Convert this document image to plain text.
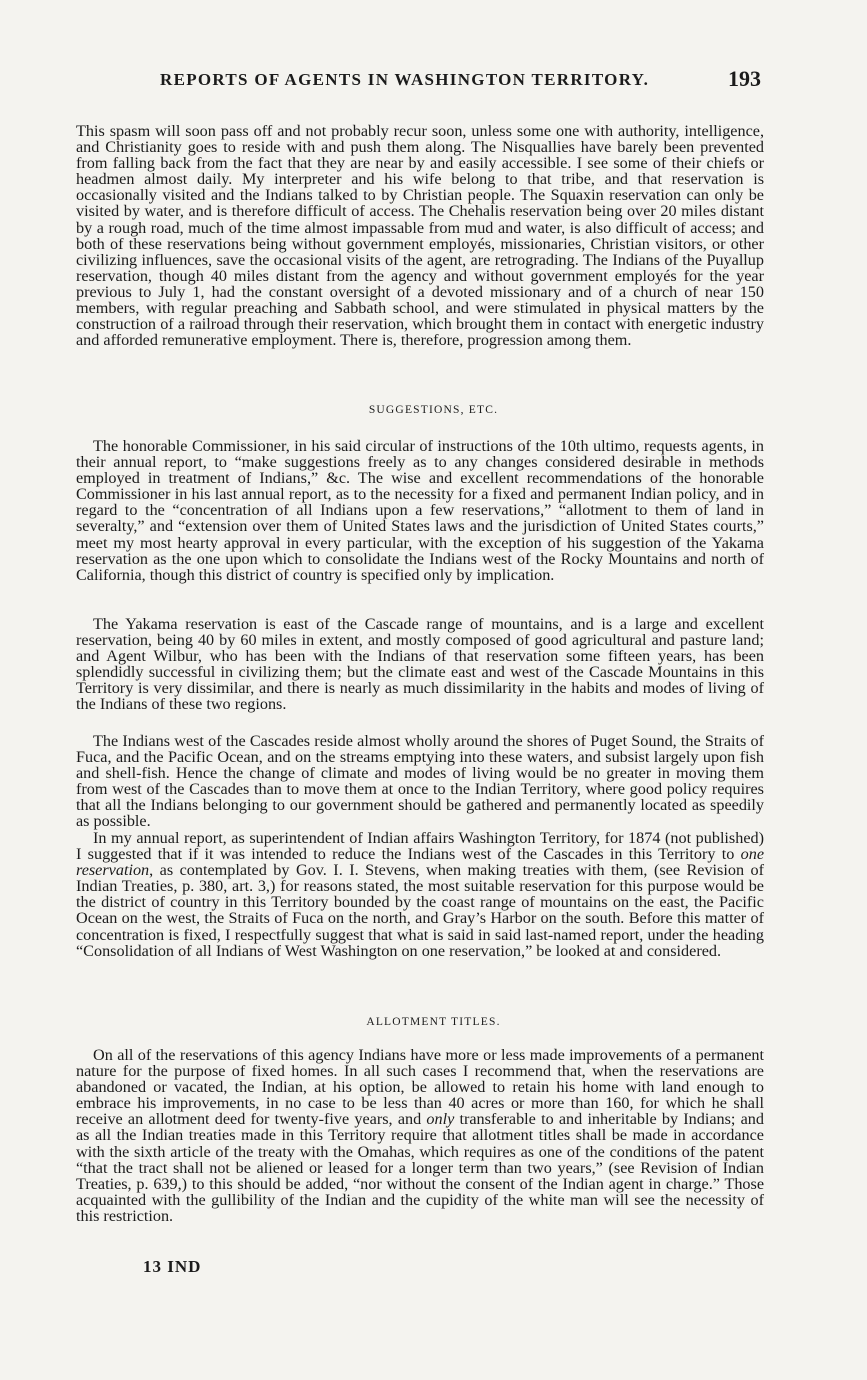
REPORTS OF AGENTS IN WASHINGTON TERRITORY.	193

This spasm will soon pass off and not probably recur soon, unless some one with authority, intelligence, and Christianity goes to reside with and push them along. The Nisquallies have barely been prevented from falling back from the fact that they are near by and easily accessible. I see some of their chiefs or headmen almost daily. My interpreter and his wife belong to that tribe, and that reservation is occasionally visited and the Indians talked to by Christian people. The Squaxin reservation can only be visited by water, and is therefore difficult of access. The Chehalis reservation being over 20 miles distant by a rough road, much of the time almost impassable from mud and water, is also difficult of access; and both of these reservations being without government employés, missionaries, Christian visitors, or other civilizing influences, save the occasional visits of the agent, are retrograding. The Indians of the Puyallup reservation, though 40 miles distant from the agency and without government employés for the year previous to July 1, had the constant oversight of a devoted missionary and of a church of near 150 members, with regular preaching and Sabbath school, and were stimulated in physical matters by the construction of a railroad through their reservation, which brought them in contact with energetic industry and afforded remunerative employment. There is, therefore, progression among them.

SUGGESTIONS, ETC.

The honorable Commissioner, in his said circular of instructions of the 10th ultimo, requests agents, in their annual report, to “make suggestions freely as to any changes considered desirable in methods employed in treatment of Indians,” &c. The wise and excellent recommendations of the honorable Commissioner in his last annual report, as to the necessity for a fixed and permanent Indian policy, and in regard to the “concentration of all Indians upon a few reservations,” “allotment to them of land in severalty,” and “extension over them of United States laws and the jurisdiction of United States courts,” meet my most hearty approval in every particular, with the exception of his suggestion of the Yakama reservation as the one upon which to consolidate the Indians west of the Rocky Mountains and north of California, though this district of country is specified only by implication.

The Yakama reservation is east of the Cascade range of mountains, and is a large and excellent reservation, being 40 by 60 miles in extent, and mostly composed of good agricultural and pasture land; and Agent Wilbur, who has been with the Indians of that reservation some fifteen years, has been splendidly successful in civilizing them; but the climate east and west of the Cascade Mountains in this Territory is very dissimilar, and there is nearly as much dissimilarity in the habits and modes of living of the Indians of these two regions.

The Indians west of the Cascades reside almost wholly around the shores of Puget Sound, the Straits of Fuca, and the Pacific Ocean, and on the streams emptying into these waters, and subsist largely upon fish and shell-fish. Hence the change of climate and modes of living would be no greater in moving them from west of the Cascades than to move them at once to the Indian Territory, where good policy requires that all the Indians belonging to our government should be gathered and permanently located as speedily as possible.

In my annual report, as superintendent of Indian affairs Washington Territory, for 1874 (not published) I suggested that if it was intended to reduce the Indians west of the Cascades in this Territory to one reservation, as contemplated by Gov. I. I. Stevens, when making treaties with them, (see Revision of Indian Treaties, p. 380, art. 3,) for reasons stated, the most suitable reservation for this purpose would be the district of country in this Territory bounded by the coast range of mountains on the east, the Pacific Ocean on the west, the Straits of Fuca on the north, and Gray’s Harbor on the south. Before this matter of concentration is fixed, I respectfully suggest that what is said in said last-named report, under the heading “Consolidation of all Indians of West Washington on one reservation,” be looked at and considered.

ALLOTMENT TITLES.

On all of the reservations of this agency Indians have more or less made improvements of a permanent nature for the purpose of fixed homes. In all such cases I recommend that, when the reservations are abandoned or vacated, the Indian, at his option, be allowed to retain his home with land enough to embrace his improvements, in no case to be less than 40 acres or more than 160, for which he shall receive an allotment deed for twenty-five years, and only transferable to and inheritable by Indians; and as all the Indian treaties made in this Territory require that allotment titles shall be made in accordance with the sixth article of the treaty with the Omahas, which requires as one of the conditions of the patent “that the tract shall not be aliened or leased for a longer term than two years,” (see Revision of Indian Treaties, p. 639,) to this should be added, “nor without the consent of the Indian agent in charge.” Those acquainted with the gullibility of the Indian and the cupidity of the white man will see the necessity of this restriction.

13 IND
